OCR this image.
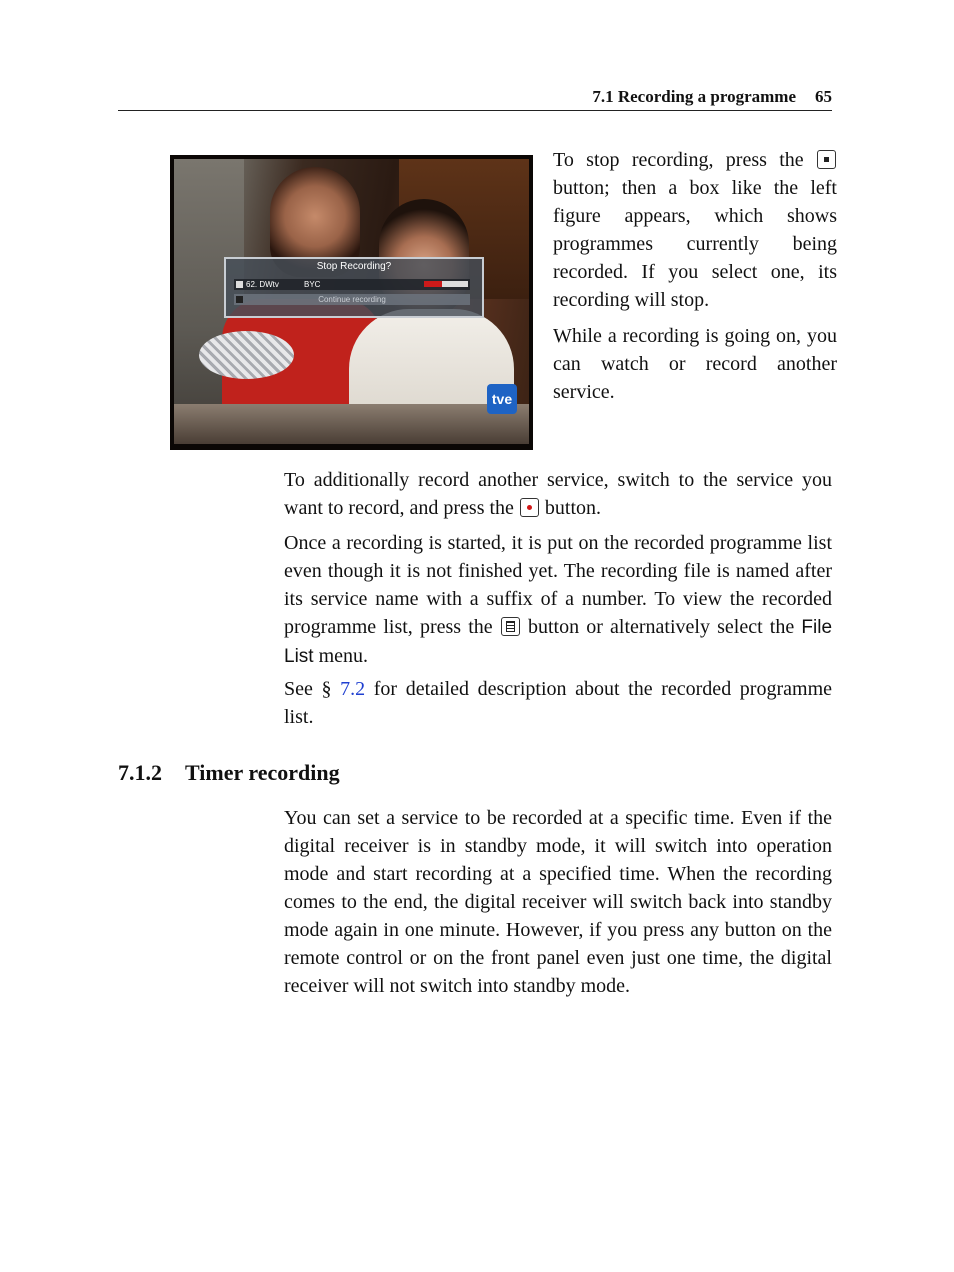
7.1 Recording a programme 65
tve
Stop Recording?
62. DWtv	BYC
Continue recording

To stop recording, press the  button; then a box like the left figure appears, which shows programmes currently being recorded. If you select one, its recording will stop.

While a recording is going on, you can watch or record another service.

To additionally record another service, switch to the service you want to record, and press the button.

Once a recording is started, it is put on the recorded programme list even though it is not finished yet. The recording file is named after its service name with a suffix of a number. To view the recorded programme list, press the button or alternatively select the File List menu.

See § 7.2 for detailed description about the recorded programme list.

7.1.2 Timer recording

You can set a service to be recorded at a specific time. Even if the digital receiver is in standby mode, it will switch into operation mode and start recording at a specified time. When the recording comes to the end, the digital receiver will switch back into standby mode again in one minute. However, if you press any button on the remote control or on the front panel even just one time, the digital receiver will not switch into standby mode.
